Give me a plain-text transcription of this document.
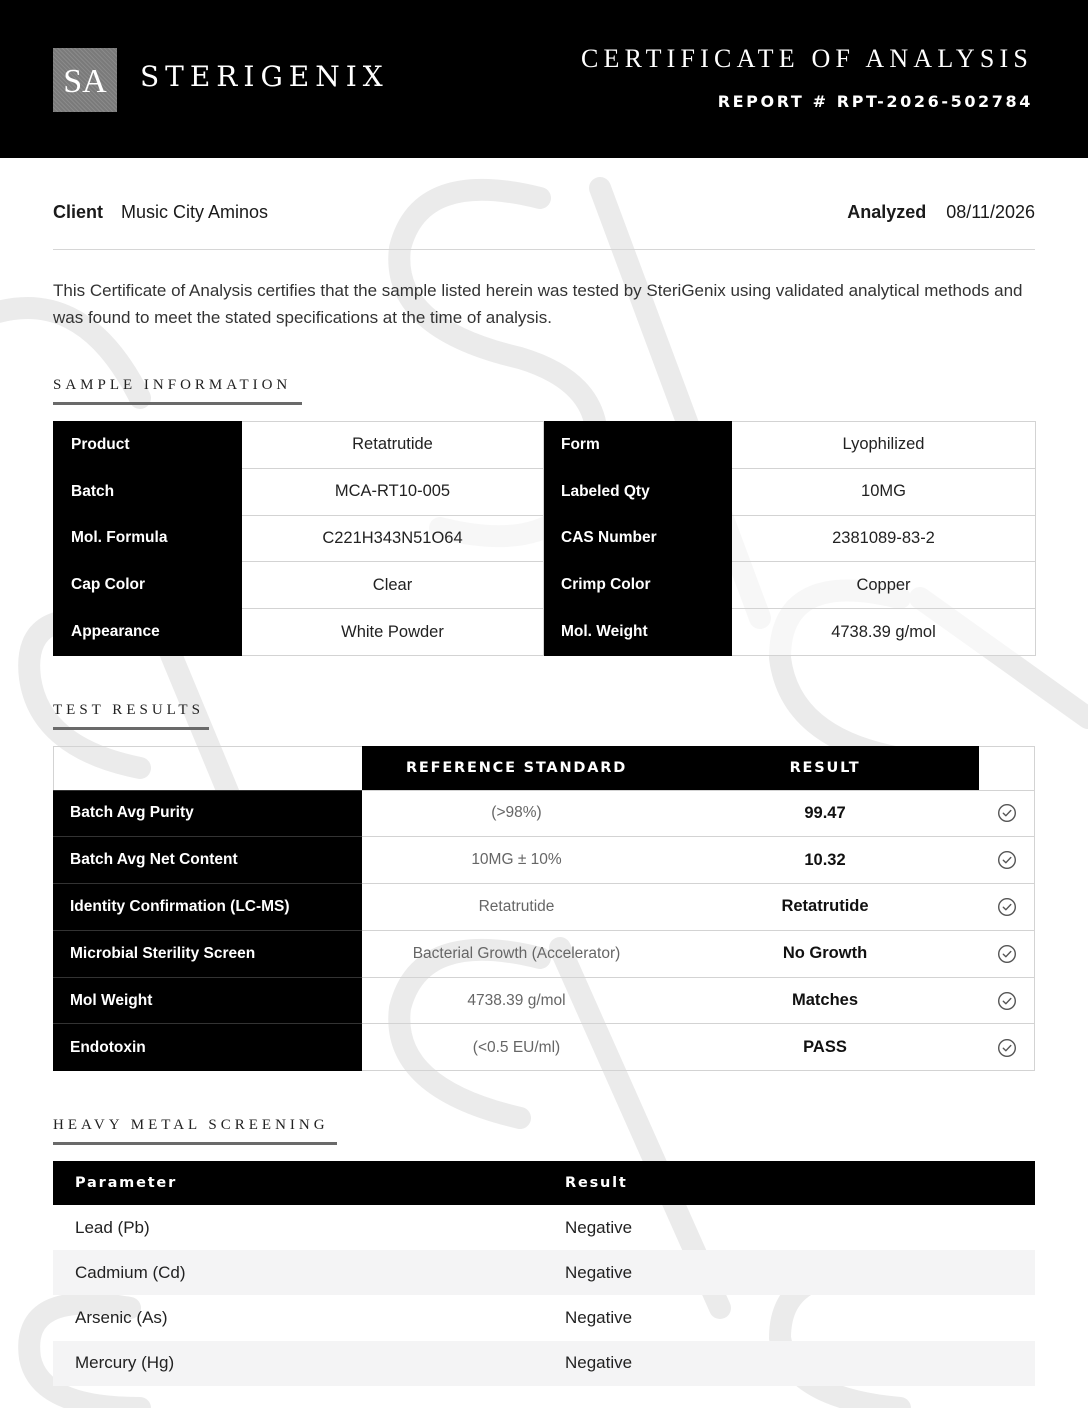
SA STERIGENIX
CERTIFICATE OF ANALYSIS
REPORT # RPT-2026-502784
Client Music City Aminos	Analyzed 08/11/2026

This Certificate of Analysis certifies that the sample listed herein was tested by SteriGenix using validated analytical methods and was found to meet the stated specifications at the time of analysis.

SAMPLE INFORMATION
Product	Retatrutide	Form	Lyophilized
Batch	MCA-RT10-005	Labeled Qty	10MG
Mol. Formula	C221H343N51O64	CAS Number	2381089-83-2
Cap Color	Clear	Crimp Color	Copper
Appearance	White Powder	Mol. Weight	4738.39 g/mol
TEST RESULTS
	REFERENCE STANDARD	RESULT	
Batch Avg Purity	(>98%)	99.47	
Batch Avg Net Content	10MG ± 10%	10.32	
Identity Confirmation (LC-MS)	Retatrutide	Retatrutide	
Microbial Sterility Screen	Bacterial Growth (Accelerator)	No Growth	
Mol Weight	4738.39 g/mol	Matches	
Endotoxin	(<0.5 EU/ml)	PASS	
HEAVY METAL SCREENING
Parameter	Result
Lead (Pb)	Negative
Cadmium (Cd)	Negative
Arsenic (As)	Negative
Mercury (Hg)	Negative
